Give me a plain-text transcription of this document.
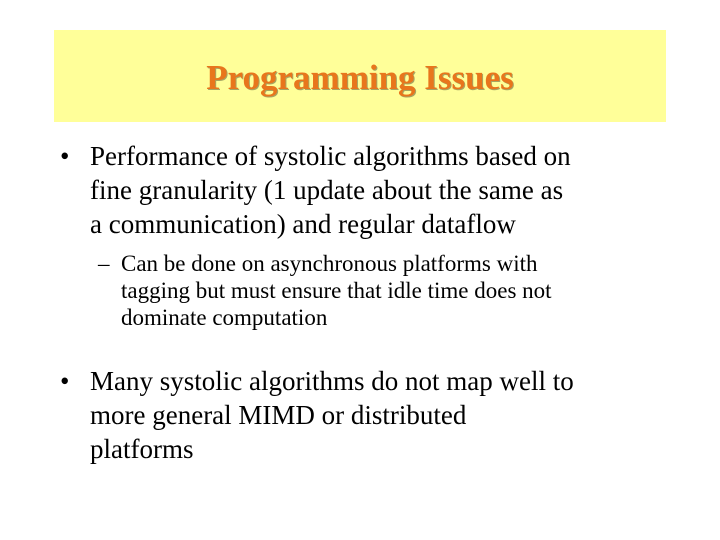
Programming Issues
• Performance of systolic algorithms based on
fine granularity (1 update about the same as
a communication) and regular dataflow
– Can be done on asynchronous platforms with
tagging but must ensure that idle time does not
dominate computation
• Many systolic algorithms do not map well to
more general MIMD or distributed
platforms
